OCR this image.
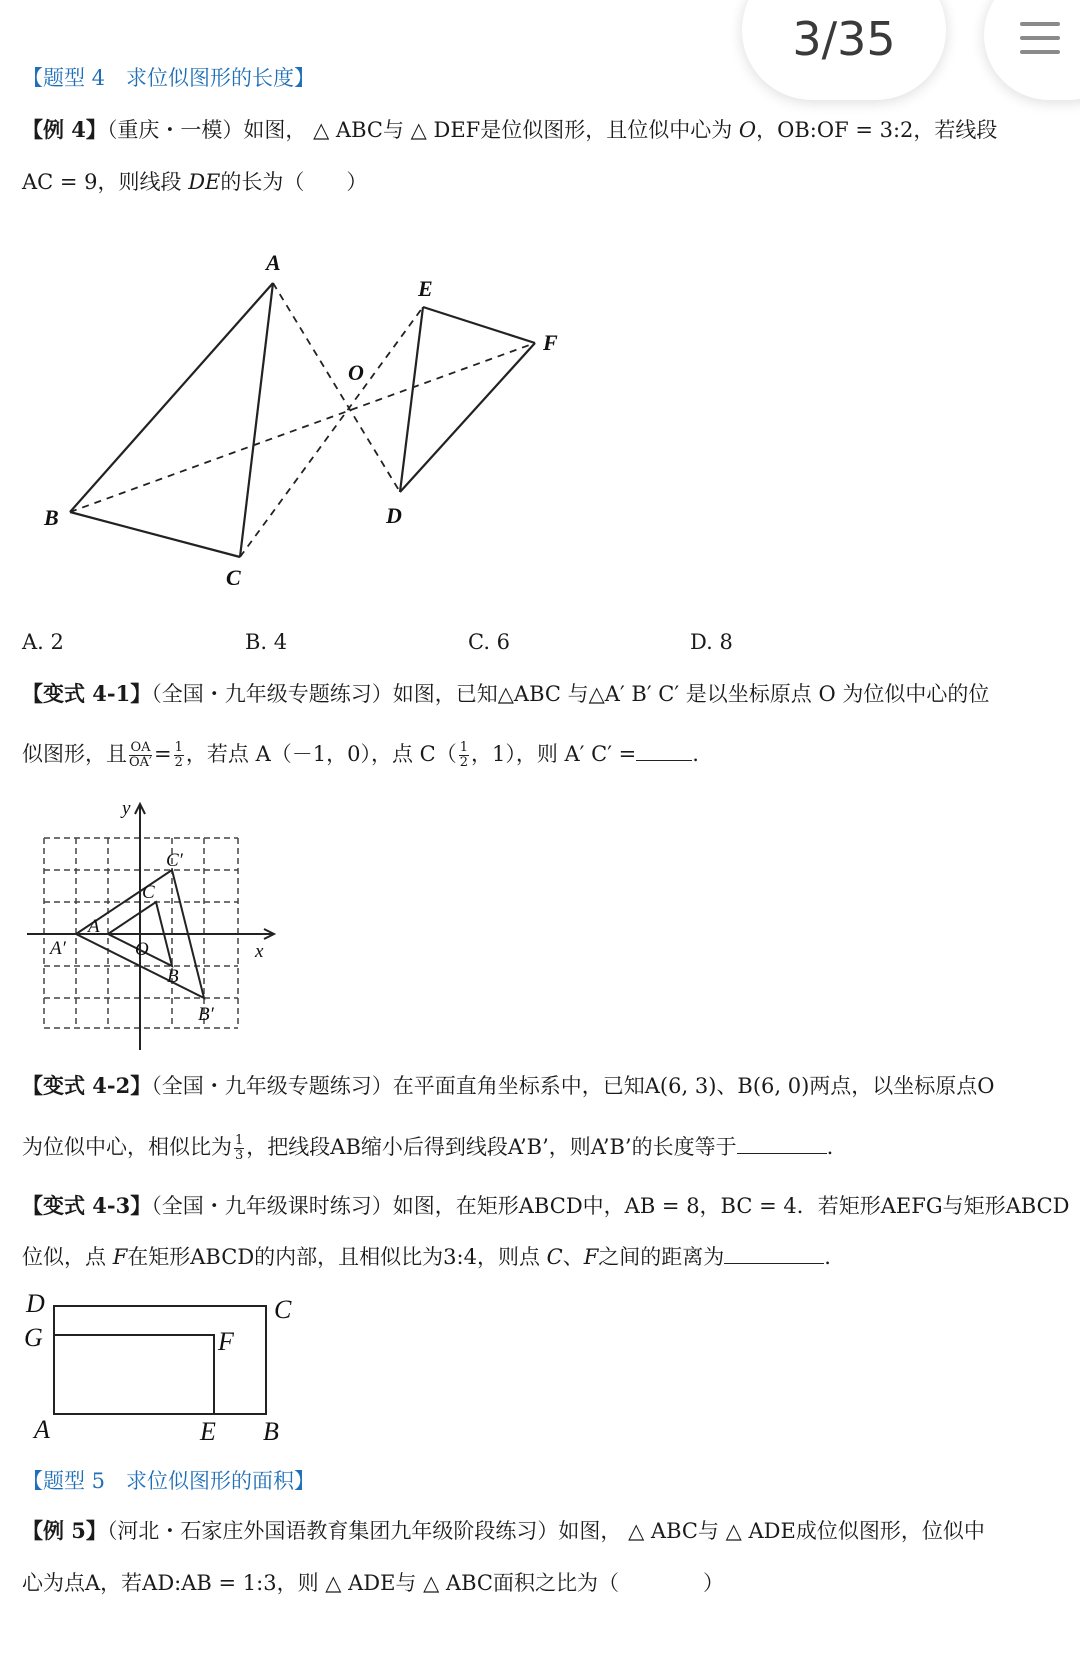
3/35
【题型 4　求位似图形的长度】
【例 4】（重庆・一模）如图， △ ABC与 △ DEF是位似图形，且位似中心为 O，OB:OF = 3:2，若线段
AC = 9，则线段 DE的长为（　　）
A
B
C
D
E
F
O
A. 2	B. 4	C. 6	D. 8
【变式 4-1】（全国・九年级专题练习）如图，已知△ABC 与△A′ B′ C′ 是以坐标原点 O 为位似中心的位
似图形，且 $\frac{OA}{OA'} = \frac{1}{2}$ ，若点 A（－1，0），点 $C( \frac{1}{2}$ ，1），则 A′ C′ =	.
y
x
O
A
A′
B
B′
C
C′
【变式 4-2】（全国・九年级专题练习）在平面直角坐标系中，已知A(6, 3)、B(6, 0)两点，以坐标原点O
为位似中心，相似比为 $\frac{1}{3}$ ，把线段AB缩小后得到线段A’B’，则A’B’的长度等于	.
【变式 4-3】（全国・九年级课时练习）如图，在矩形ABCD中，AB = 8，BC = 4．若矩形AEFG与矩形ABCD
位似，点 F在矩形ABCD的内部，且相似比为3:4，则点 C、F之间的距离为	.
D
G
C
F
A	E B
【题型 5　求位似图形的面积】
【例 5】（河北・石家庄外国语教育集团九年级阶段练习）如图， △ ABC与 △ ADE成位似图形，位似中
心为点A，若AD:AB = 1:3，则 △ ADE与 △ ABC面积之比为（　　　　）
